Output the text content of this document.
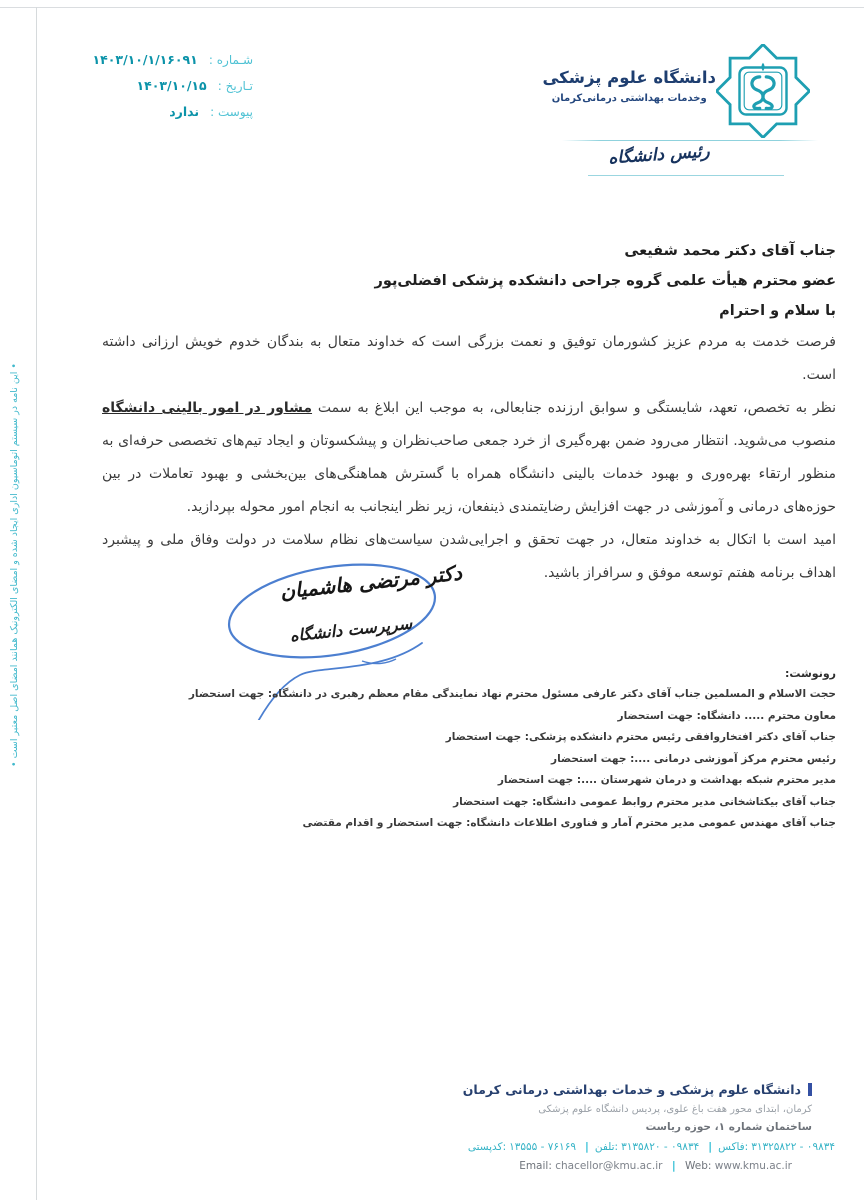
• این نامه در سیستم اتوماسیون اداری ایجاد شده و امضای الکترونیک همانند امضای اصل معتبر است •
شـماره : ۱۴۰۳/۱۰/۱/۱۶۰۹۱
تـاریخ : ۱۴۰۳/۱۰/۱۵
پیوست : ندارد
دانشگاه علوم پزشکی
وخدمات بهداشتی درمانی‌کرمان
رئیس دانشگاه
جناب آقای دکتر محمد شفیعی
عضو محترم هیأت علمی گروه جراحی دانشکده پزشکی افضلی‌پور
با سلام و احترام

فرصت خدمت به مردم عزیز کشورمان توفیق و نعمت بزرگی است که خداوند متعال به بندگان خدوم خویش ارزانی داشته است.

نظر به تخصص، تعهد، شایستگی و سوابق ارزنده جنابعالی، به موجب این ابلاغ به سمت مشاور در امور بالینی دانشگاه منصوب می‌شوید. انتظار می‌رود ضمن بهره‌گیری از خرد جمعی صاحب‌نظران و پیشکسوتان و ایجاد تیم‌های تخصصی حرفه‌ای به منظور ارتقاء بهره‌وری و بهبود خدمات بالینی دانشگاه همراه با گسترش هماهنگی‌های بین‌بخشی و بهبود تعاملات در بین حوزه‌های درمانی و آموزشی در جهت افزایش رضایتمندی ذینفعان، زیر نظر اینجانب به انجام امور محوله بپردازید.

امید است با اتکال به خداوند متعال، در جهت تحقق و اجرایی‌شدن سیاست‌های نظام سلامت در دولت وفاق ملی و پیشبرد اهداف برنامه هفتم توسعه موفق و سرافراز باشید.

دکتر مرتضی هاشمیان
سرپرست دانشگاه
رونوشت:
حجت الاسلام و المسلمین جناب آقای دکتر عارفی مسئول محترم نهاد نمایندگی مقام معظم رهبری در دانشگاه: جهت استحضار
معاون محترم ..... دانشگاه: جهت استحضار
جناب آقای دکتر افتخاروافقی رئیس محترم دانشکده پزشکی: جهت استحضار
رئیس محترم مرکز آموزشی درمانی ....: جهت استحضار
مدیر محترم شبکه بهداشت و درمان شهرستان ....: جهت استحضار
جناب آقای بیکتاشخانی مدیر محترم روابط عمومی دانشگاه: جهت استحضار
جناب آقای مهندس عمومی مدیر محترم آمار و فناوری اطلاعات دانشگاه: جهت استحضار و اقدام مقتضی
دانشگاه علوم پزشکی و خدمات بهداشتی درمانی کرمان
کرمان، ابتدای محور هفت باغ علوی، پردیس دانشگاه علوم پزشکی
ساختمان شماره ۱، حوزه ریاست
کدپستی: ۱۳۵۵۵ - ۷۶۱۶۹ | تلفن: ۳۱۳۵۸۲۰ - ۰۹۸۳۴ | فاکس: ۳۱۳۲۵۸۲۲ - ۰۹۸۳۴
Email: chacellor@kmu.ac.ir | Web: www.kmu.ac.ir
